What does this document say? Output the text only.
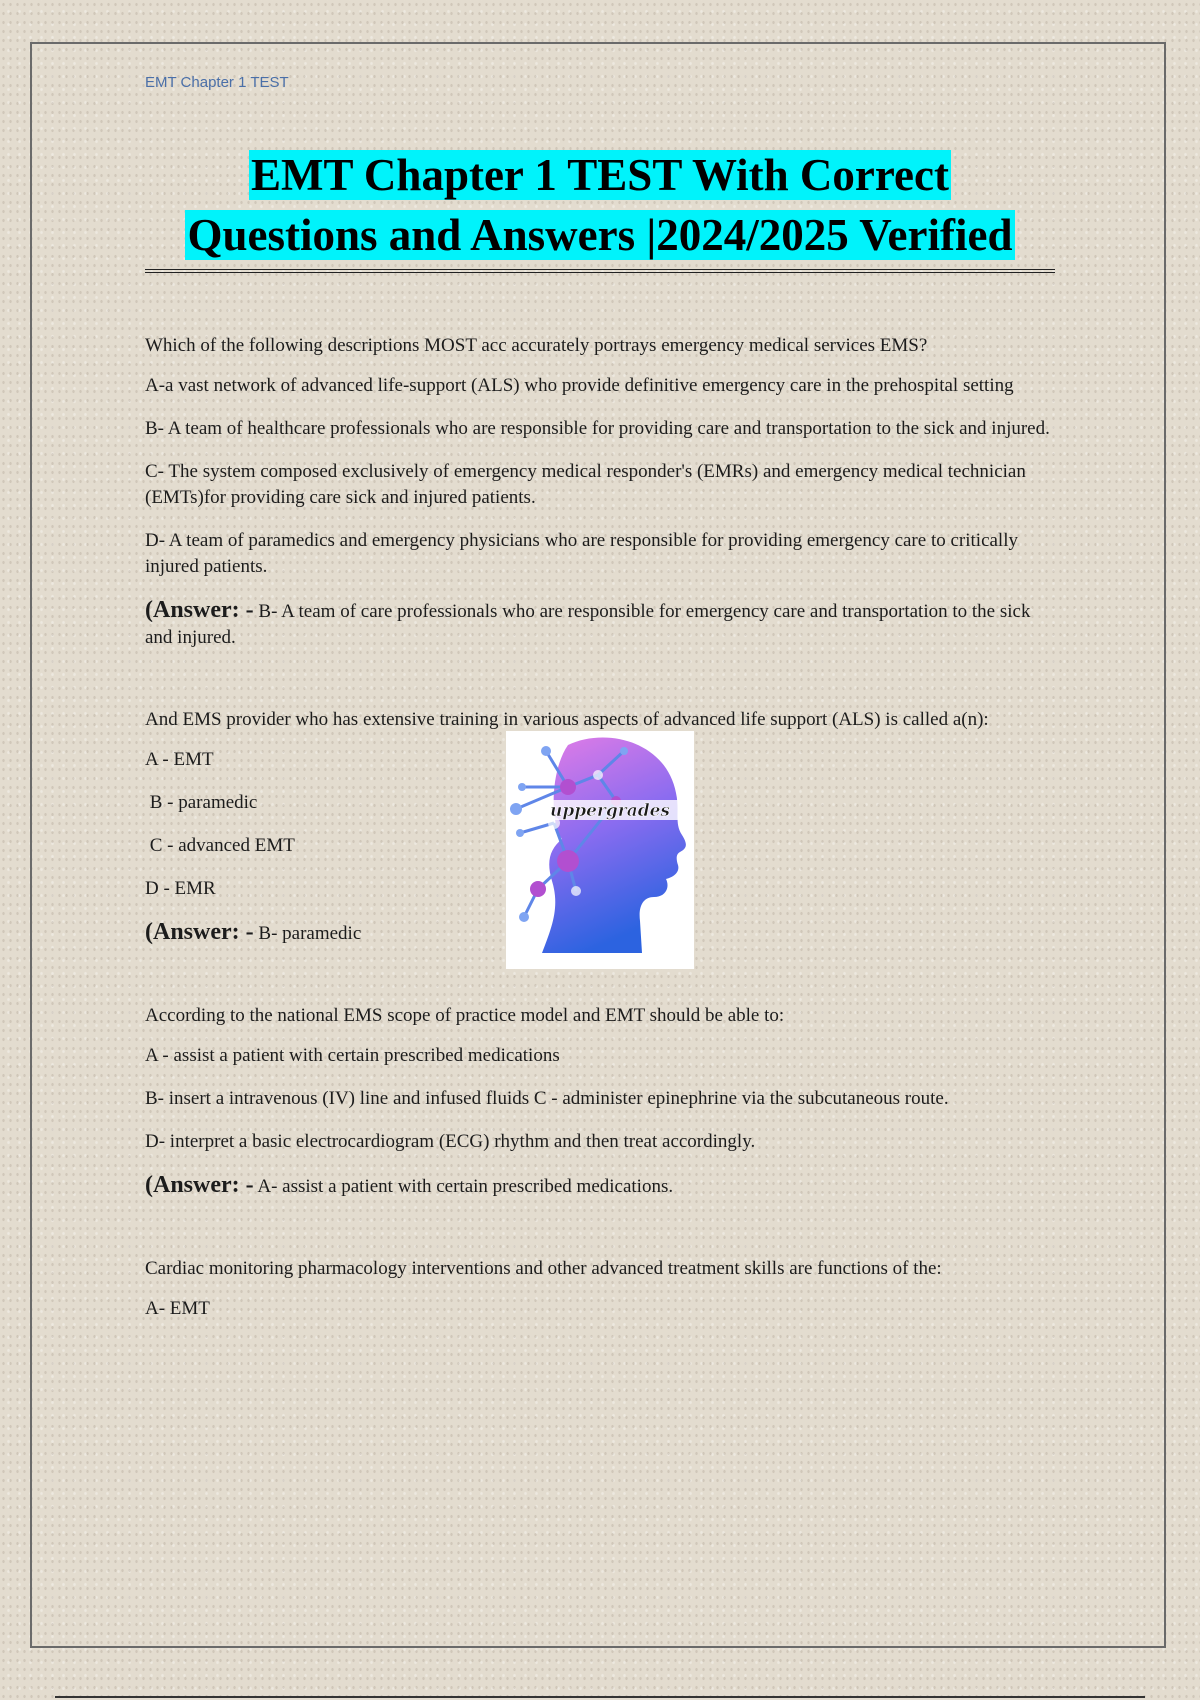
EMT Chapter 1 TEST

EMT Chapter 1 TEST With Correct

Questions and Answers |2024/2025 Verified

Which of the following descriptions MOST acc accurately portrays emergency medical services EMS?

A-a vast network of advanced life-support (ALS) who provide definitive emergency care in the prehospital setting

B- A team of healthcare professionals who are responsible for providing care and transportation to the sick and injured.

C- The system composed exclusively of emergency medical responder's (EMRs) and emergency medical technician (EMTs)for providing care sick and injured patients.

D- A team of paramedics and emergency physicians who are responsible for providing emergency care to critically injured patients.

(Answer: - B- A team of care professionals who are responsible for emergency care and transportation to the sick and injured.

And EMS provider who has extensive training in various aspects of advanced life support (ALS) is called a(n):

A - EMT

B - paramedic

C - advanced EMT

D - EMR

(Answer: - B- paramedic

According to the national EMS scope of practice model and EMT should be able to:

A - assist a patient with certain prescribed medications

B- insert a intravenous (IV) line and infused fluids C - administer epinephrine via the subcutaneous route.

D- interpret a basic electrocardiogram (ECG) rhythm and then treat accordingly.

(Answer: - A- assist a patient with certain prescribed medications.

Cardiac monitoring pharmacology interventions and other advanced treatment skills are functions of the:

A- EMT

uppergrades
